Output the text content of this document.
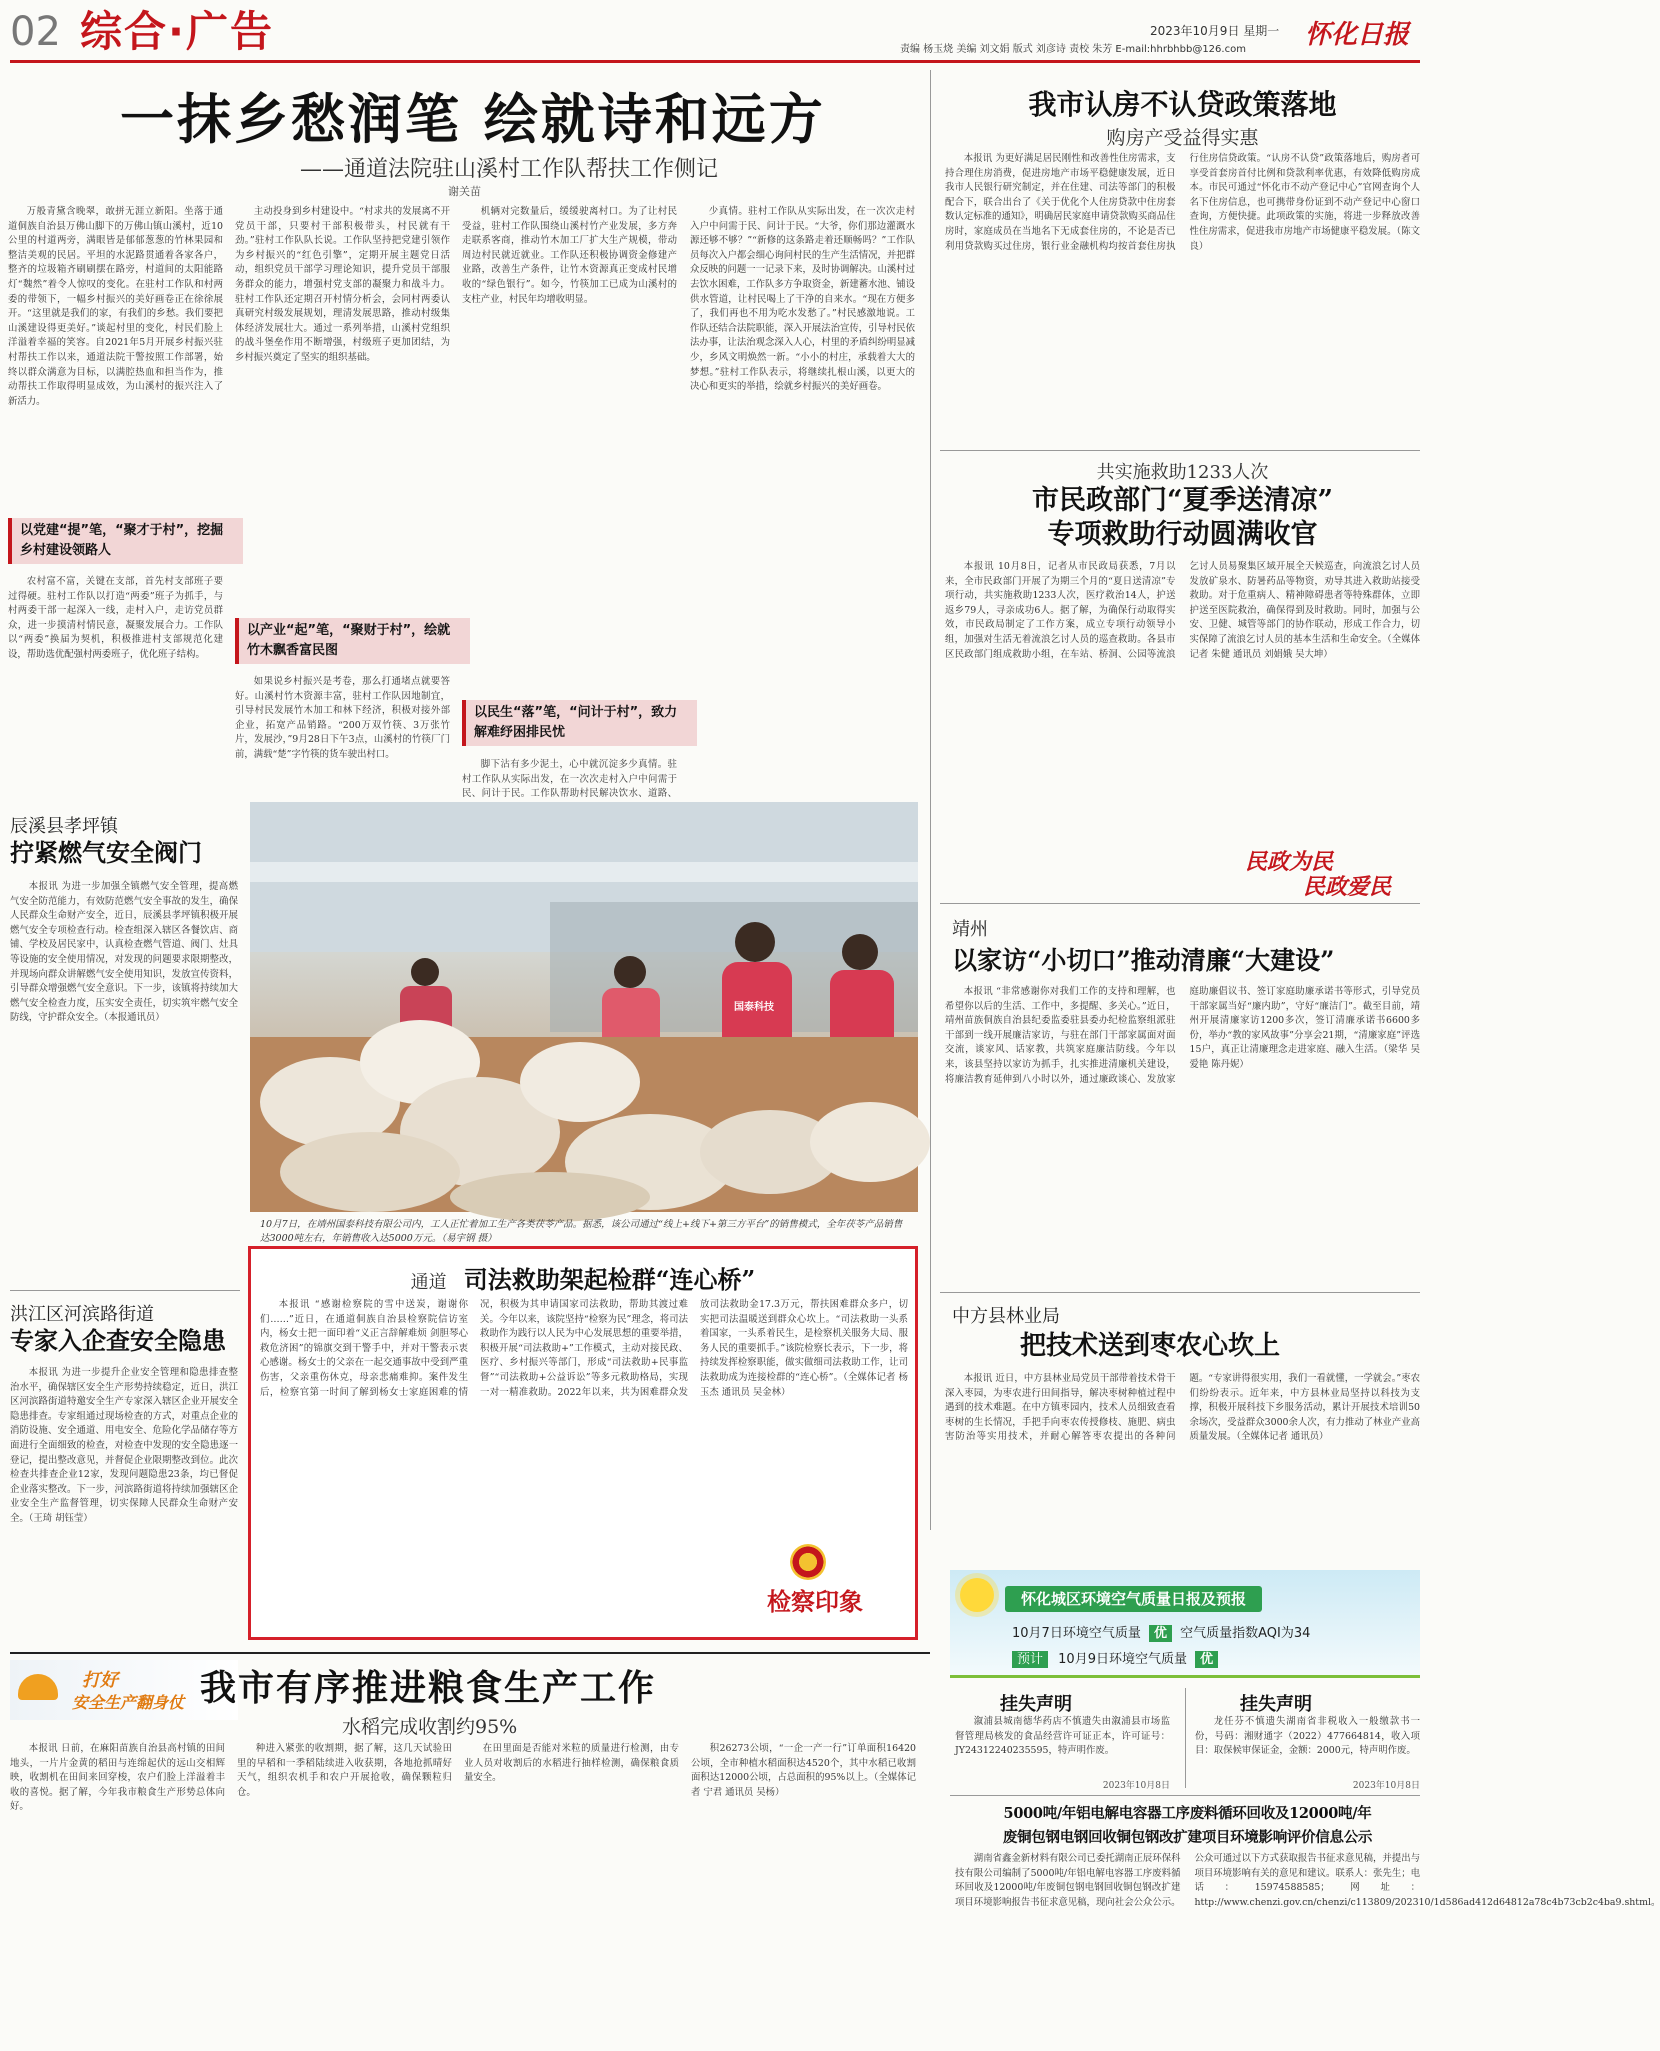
02 综合·广告	责编 杨玉烧 美编 刘文娟 版式 刘彦诗 责校 朱芳 E-mail:hhrbhbb@126.com
2023年10月9日 星期一 怀化日报
一抹乡愁润笔 绘就诗和远方
——通道法院驻山溪村工作队帮扶工作侧记
谢关苗
万般青黛含晚翠，敢拼无涯立新阳。坐落于通道侗族自治县万佛山脚下的万佛山镇山溪村，近10公里的村道两旁，满眼皆是郁郁葱葱的竹林果园和整洁美观的民居。平坦的水泥路贯通着各家各户，整齐的垃圾箱齐刷刷摆在路旁，村道间的太阳能路灯“魏然”着令人惊叹的变化。在驻村工作队和村两委的带领下，一幅乡村振兴的美好画卷正在徐徐展开。“这里就是我们的家，有我们的乡愁。我们要把山溪建设得更美好。”谈起村里的变化，村民们脸上洋溢着幸福的笑容。自2021年5月开展乡村振兴驻村帮扶工作以来，通道法院干警按照工作部署，始终以群众满意为目标，以满腔热血和担当作为，推动帮扶工作取得明显成效，为山溪村的振兴注入了新活力。
以党建“提”笔，“聚才于村”，挖掘乡村建设领路人
农村富不富，关键在支部，首先村支部班子要过得硬。驻村工作队以打造“两委”班子为抓手，与村两委干部一起深入一线，走村入户，走访党员群众，进一步摸清村情民意，凝聚发展合力。工作队以“两委”换届为契机，积极推进村支部规范化建设，帮助选优配强村两委班子，优化班子结构。
主动投身到乡村建设中。“村求共的发展离不开党员干部，只要村干部积极带头，村民就有干劲。”驻村工作队队长说。工作队坚持把党建引领作为乡村振兴的“红色引擎”，定期开展主题党日活动，组织党员干部学习理论知识，提升党员干部服务群众的能力，增强村党支部的凝聚力和战斗力。驻村工作队还定期召开村情分析会，会同村两委认真研究村级发展规划，理清发展思路，推动村级集体经济发展壮大。通过一系列举措，山溪村党组织的战斗堡垒作用不断增强，村级班子更加团结，为乡村振兴奠定了坚实的组织基础。
以产业“起”笔，“聚财于村”，绘就竹木飘香富民图
如果说乡村振兴是考卷，那么打通堵点就要答好。山溪村竹木资源丰富，驻村工作队因地制宜，引导村民发展竹木加工和林下经济，积极对接外部企业，拓宽产品销路。“200万双竹筷、3万张竹片，发展沙，”9月28日下午3点，山溪村的竹筷厂门前，满载“楚”字竹筷的货车驶出村口。
机辆对完数量后，缓缓驶离村口。为了让村民受益，驻村工作队围绕山溪村竹产业发展，多方奔走联系客商，推动竹木加工厂扩大生产规模，带动周边村民就近就业。工作队还积极协调资金修建产业路，改善生产条件，让竹木资源真正变成村民增收的“绿色银行”。如今，竹筷加工已成为山溪村的支柱产业，村民年均增收明显。
以民生“落”笔，“问计于村”，致力解难纾困排民忧
脚下沾有多少泥土，心中就沉淀多少真情。驻村工作队从实际出发，在一次次走村入户中问需于民、问计于民。工作队帮助村民解决饮水、道路、
少真情。驻村工作队从实际出发，在一次次走村入户中问需于民、问计于民。“大爷，你们那边灌溉水源还够不够？”“新修的这条路走着还顺畅吗？”工作队员每次入户都会细心询问村民的生产生活情况，并把群众反映的问题一一记录下来，及时协调解决。山溪村过去饮水困难，工作队多方争取资金，新建蓄水池、铺设供水管道，让村民喝上了干净的自来水。“现在方便多了，我们再也不用为吃水发愁了。”村民感激地说。工作队还结合法院职能，深入开展法治宣传，引导村民依法办事，让法治观念深入人心，村里的矛盾纠纷明显减少，乡风文明焕然一新。“小小的村庄，承载着大大的梦想。”驻村工作队表示，将继续扎根山溪，以更大的决心和更实的举措，绘就乡村振兴的美好画卷。
我市认房不认贷政策落地
购房产受益得实惠
本报讯 为更好满足居民刚性和改善性住房需求，支持合理住房消费，促进房地产市场平稳健康发展，近日我市人民银行研究制定，并在住建、司法等部门的积极配合下，联合出台了《关于优化个人住房贷款中住房套数认定标准的通知》，明确居民家庭申请贷款购买商品住房时，家庭成员在当地名下无成套住房的，不论是否已利用贷款购买过住房，银行业金融机构均按首套住房执行住房信贷政策。“认房不认贷”政策落地后，购房者可享受首套房首付比例和贷款利率优惠，有效降低购房成本。市民可通过“怀化市不动产登记中心”官网查询个人名下住房信息，也可携带身份证到不动产登记中心窗口查询，方便快捷。此项政策的实施，将进一步释放改善性住房需求，促进我市房地产市场健康平稳发展。（陈文良）
共实施救助1233人次
市民政部门“夏季送清凉”
专项救助行动圆满收官
本报讯 10月8日，记者从市民政局获悉，7月以来，全市民政部门开展了为期三个月的“夏日送清凉”专项行动，共实施救助1233人次，医疗救治14人，护送返乡79人，寻亲成功6人。据了解，为确保行动取得实效，市民政局制定了工作方案，成立专项行动领导小组，加强对生活无着流浪乞讨人员的巡查救助。各县市区民政部门组成救助小组，在车站、桥洞、公园等流浪乞讨人员易聚集区域开展全天候巡查，向流浪乞讨人员发放矿泉水、防暑药品等物资，劝导其进入救助站接受救助。对于危重病人、精神障碍患者等特殊群体，立即护送至医院救治，确保得到及时救助。同时，加强与公安、卫健、城管等部门的协作联动，形成工作合力，切实保障了流浪乞讨人员的基本生活和生命安全。（全媒体记者 朱健 通讯员 刘娟娥 吴大坤）
民政为民
民政爱民
靖州
以家访“小切口”推动清廉“大建设”
本报讯 “非常感谢你对我们工作的支持和理解，也希望你以后的生活、工作中，多提醒、多关心。”近日，靖州苗族侗族自治县纪委监委驻县委办纪检监察组派驻干部到一线开展廉洁家访，与驻在部门干部家属面对面交流，谈家风、话家教，共筑家庭廉洁防线。今年以来，该县坚持以家访为抓手，扎实推进清廉机关建设，将廉洁教育延伸到八小时以外，通过廉政谈心、发放家庭助廉倡议书、签订家庭助廉承诺书等形式，引导党员干部家属当好“廉内助”，守好“廉洁门”。截至目前，靖州开展清廉家访1200多次，签订清廉承诺书6600多份，举办“教的家风故事”分享会21期，“清廉家庭”评选15户，真正让清廉理念走进家庭、融入生活。（梁华 吴爱艳 陈丹妮）
中方县林业局
把技术送到枣农心坎上
本报讯 近日，中方县林业局党员干部带着技术骨干深入枣园，为枣农进行田间指导，解决枣树种植过程中遇到的技术难题。在中方镇枣园内，技术人员细致查看枣树的生长情况，手把手向枣农传授修枝、施肥、病虫害防治等实用技术，并耐心解答枣农提出的各种问题。“专家讲得很实用，我们一看就懂，一学就会。”枣农们纷纷表示。近年来，中方县林业局坚持以科技为支撑，积极开展科技下乡服务活动，累计开展技术培训50余场次，受益群众3000余人次，有力推动了林业产业高质量发展。（全媒体记者 通讯员）
怀化城区环境空气质量日报及预报
10月7日环境空气质量 优 空气质量指数AQI为34
预计 10月9日环境空气质量 优
挂失声明
溆浦县城南德华药店不慎遗失由溆浦县市场监督管理局核发的食品经营许可证正本，许可证号：JY24312240235595，特声明作废。
2023年10月8日
挂失声明
龙任芬不慎遗失湖南省非税收入一般缴款书一份，号码：湘财通字（2022）477664814，收入项目：取保候审保证金，金额：2000元，特声明作废。
2023年10月8日
5000吨/年铝电解电容器工序废料循环回收及12000吨/年
废铜包钢电钢回收铜包钢改扩建项目环境影响评价信息公示
湖南省鑫金新材料有限公司已委托湖南正辰环保科技有限公司编制了5000吨/年铝电解电容器工序废料循环回收及12000吨/年废铜包钢电钢回收铜包钢改扩建项目环境影响报告书征求意见稿，现向社会公众公示。公众可通过以下方式获取报告书征求意见稿，并提出与项目环境影响有关的意见和建议。联系人：张先生；电话：15974588585；网址：http://www.chenzi.gov.cn/chenzi/c113809/202310/1d586ad412d64812a78c4b73cb2c4ba9.shtml。
辰溪县孝坪镇
拧紧燃气安全阀门
本报讯 为进一步加强全镇燃气安全管理，提高燃气安全防范能力，有效防范燃气安全事故的发生，确保人民群众生命财产安全，近日，辰溪县孝坪镇积极开展燃气安全专项检查行动。检查组深入辖区各餐饮店、商铺、学校及居民家中，认真检查燃气管道、阀门、灶具等设施的安全使用情况，对发现的问题要求限期整改，并现场向群众讲解燃气安全使用知识，发放宣传资料，引导群众增强燃气安全意识。下一步，该镇将持续加大燃气安全检查力度，压实安全责任，切实筑牢燃气安全防线，守护群众安全。（本报通讯员）
洪江区河滨路街道
专家入企查安全隐患
本报讯 为进一步提升企业安全管理和隐患排查整治水平，确保辖区安全生产形势持续稳定，近日，洪江区河滨路街道特邀安全生产专家深入辖区企业开展安全隐患排查。专家组通过现场检查的方式，对重点企业的消防设施、安全通道、用电安全、危险化学品储存等方面进行全面细致的检查，对检查中发现的安全隐患逐一登记，提出整改意见，并督促企业限期整改到位。此次检查共排查企业12家，发现问题隐患23条，均已督促企业落实整改。下一步，河滨路街道将持续加强辖区企业安全生产监督管理，切实保障人民群众生命财产安全。（王琦 胡钰莹）
打好
安全生产翻身仗
国泰科技
10月7日，在靖州国泰科技有限公司内，工人正忙着加工生产各类茯苓产品。据悉，该公司通过“线上+线下+第三方平台”的销售模式，全年茯苓产品销售达3000吨左右，年销售收入达5000万元。（易宇钢 摄）
通道 司法救助架起检群“连心桥”
本报讯 “感谢检察院的雪中送炭，谢谢你们……”近日，在通道侗族自治县检察院信访室内，杨女士把一面印着“义正言辞解难烦 剑胆琴心救危济困”的锦旗交到干警手中，并对干警表示衷心感谢。杨女士的父亲在一起交通事故中受到严重伤害，父亲重伤休克，母亲悲痛难抑。案件发生后，检察官第一时间了解到杨女士家庭困难的情况，积极为其申请国家司法救助，帮助其渡过难关。今年以来，该院坚持“检察为民”理念，将司法救助作为践行以人民为中心发展思想的重要举措，积极开展“司法救助+”工作模式，主动对接民政、医疗、乡村振兴等部门，形成“司法救助+民事监督”“司法救助+公益诉讼”等多元救助格局，实现一对一精准救助。2022年以来，共为困难群众发放司法救助金17.3万元，帮扶困难群众多户，切实把司法温暖送到群众心坎上。“司法救助一头系着国家，一头系着民生，是检察机关服务大局、服务人民的重要抓手。”该院检察长表示，下一步，将持续发挥检察职能，做实做细司法救助工作，让司法救助成为连接检群的“连心桥”。（全媒体记者 杨玉杰 通讯员 吴金林）
检察印象
我市有序推进粮食生产工作
水稻完成收割约95%
本报讯 日前，在麻阳苗族自治县高村镇的田间地头，一片片金黄的稻田与连绵起伏的远山交相辉映，收割机在田间来回穿梭，农户们脸上洋溢着丰收的喜悦。据了解，今年我市粮食生产形势总体向好。
种进入紧张的收割期，据了解，这几天试验田里的早稻和一季稻陆续进入收获期，各地抢抓晴好天气，组织农机手和农户开展抢收，确保颗粒归仓。
在田里面是否能对米粒的质量进行检测，由专业人员对收割后的水稻进行抽样检测，确保粮食质量安全。
积26273公顷，“一企一产一行”订单面积16420公顷，全市种植水稻面积达4520个，其中水稻已收割面积达12000公顷，占总面积的95%以上。（全媒体记者 宁君 通讯员 吴杨）
